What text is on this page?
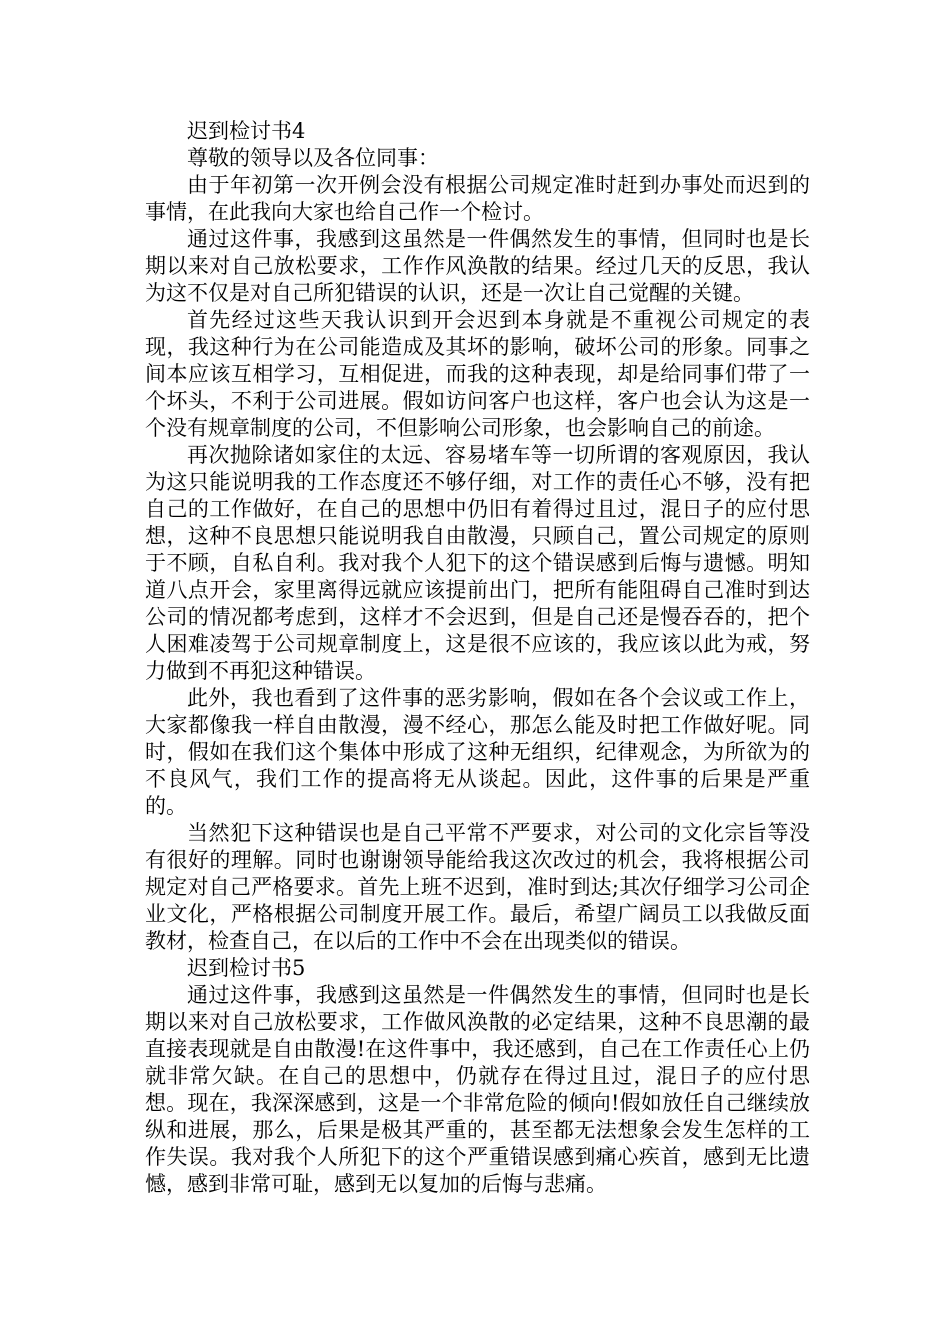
迟到检讨书4

尊敬的领导以及各位同事：

由于年初第一次开例会没有根据公司规定准时赶到办事处而迟到的事情，在此我向大家也给自己作一个检讨。

通过这件事，我感到这虽然是一件偶然发生的事情，但同时也是长期以来对自己放松要求，工作作风涣散的结果。经过几天的反思，我认为这不仅是对自己所犯错误的认识，还是一次让自己觉醒的关键。

首先经过这些天我认识到开会迟到本身就是不重视公司规定的表现，我这种行为在公司能造成及其坏的影响，破坏公司的形象。同事之间本应该互相学习，互相促进，而我的这种表现，却是给同事们带了一个坏头，不利于公司进展。假如访问客户也这样，客户也会认为这是一个没有规章制度的公司，不但影响公司形象，也会影响自己的前途。

再次抛除诸如家住的太远、容易堵车等一切所谓的客观原因，我认为这只能说明我的工作态度还不够仔细，对工作的责任心不够，没有把自己的工作做好，在自己的思想中仍旧有着得过且过，混日子的应付思想，这种不良思想只能说明我自由散漫，只顾自己，置公司规定的原则于不顾，自私自利。我对我个人犯下的这个错误感到后悔与遗憾。明知道八点开会，家里离得远就应该提前出门，把所有能阻碍自己准时到达公司的情况都考虑到，这样才不会迟到，但是自己还是慢吞吞的，把个人困难凌驾于公司规章制度上，这是很不应该的，我应该以此为戒，努力做到不再犯这种错误。

此外，我也看到了这件事的恶劣影响，假如在各个会议或工作上，大家都像我一样自由散漫，漫不经心，那怎么能及时把工作做好呢。同时，假如在我们这个集体中形成了这种无组织，纪律观念，为所欲为的不良风气，我们工作的提高将无从谈起。因此，这件事的后果是严重的。

当然犯下这种错误也是自己平常不严要求，对公司的文化宗旨等没有很好的理解。同时也谢谢领导能给我这次改过的机会，我将根据公司规定对自己严格要求。首先上班不迟到，准时到达;其次仔细学习公司企业文化，严格根据公司制度开展工作。最后，希望广阔员工以我做反面教材，检查自己，在以后的工作中不会在出现类似的错误。

迟到检讨书5

通过这件事，我感到这虽然是一件偶然发生的事情，但同时也是长期以来对自己放松要求，工作做风涣散的必定结果，这种不良思潮的最直接表现就是自由散漫!在这件事中，我还感到，自己在工作责任心上仍就非常欠缺。在自己的思想中，仍就存在得过且过，混日子的应付思想。现在，我深深感到，这是一个非常危险的倾向!假如放任自己继续放纵和进展，那么，后果是极其严重的，甚至都无法想象会发生怎样的工作失误。我对我个人所犯下的这个严重错误感到痛心疾首，感到无比遗憾，感到非常可耻，感到无以复加的后悔与悲痛。
